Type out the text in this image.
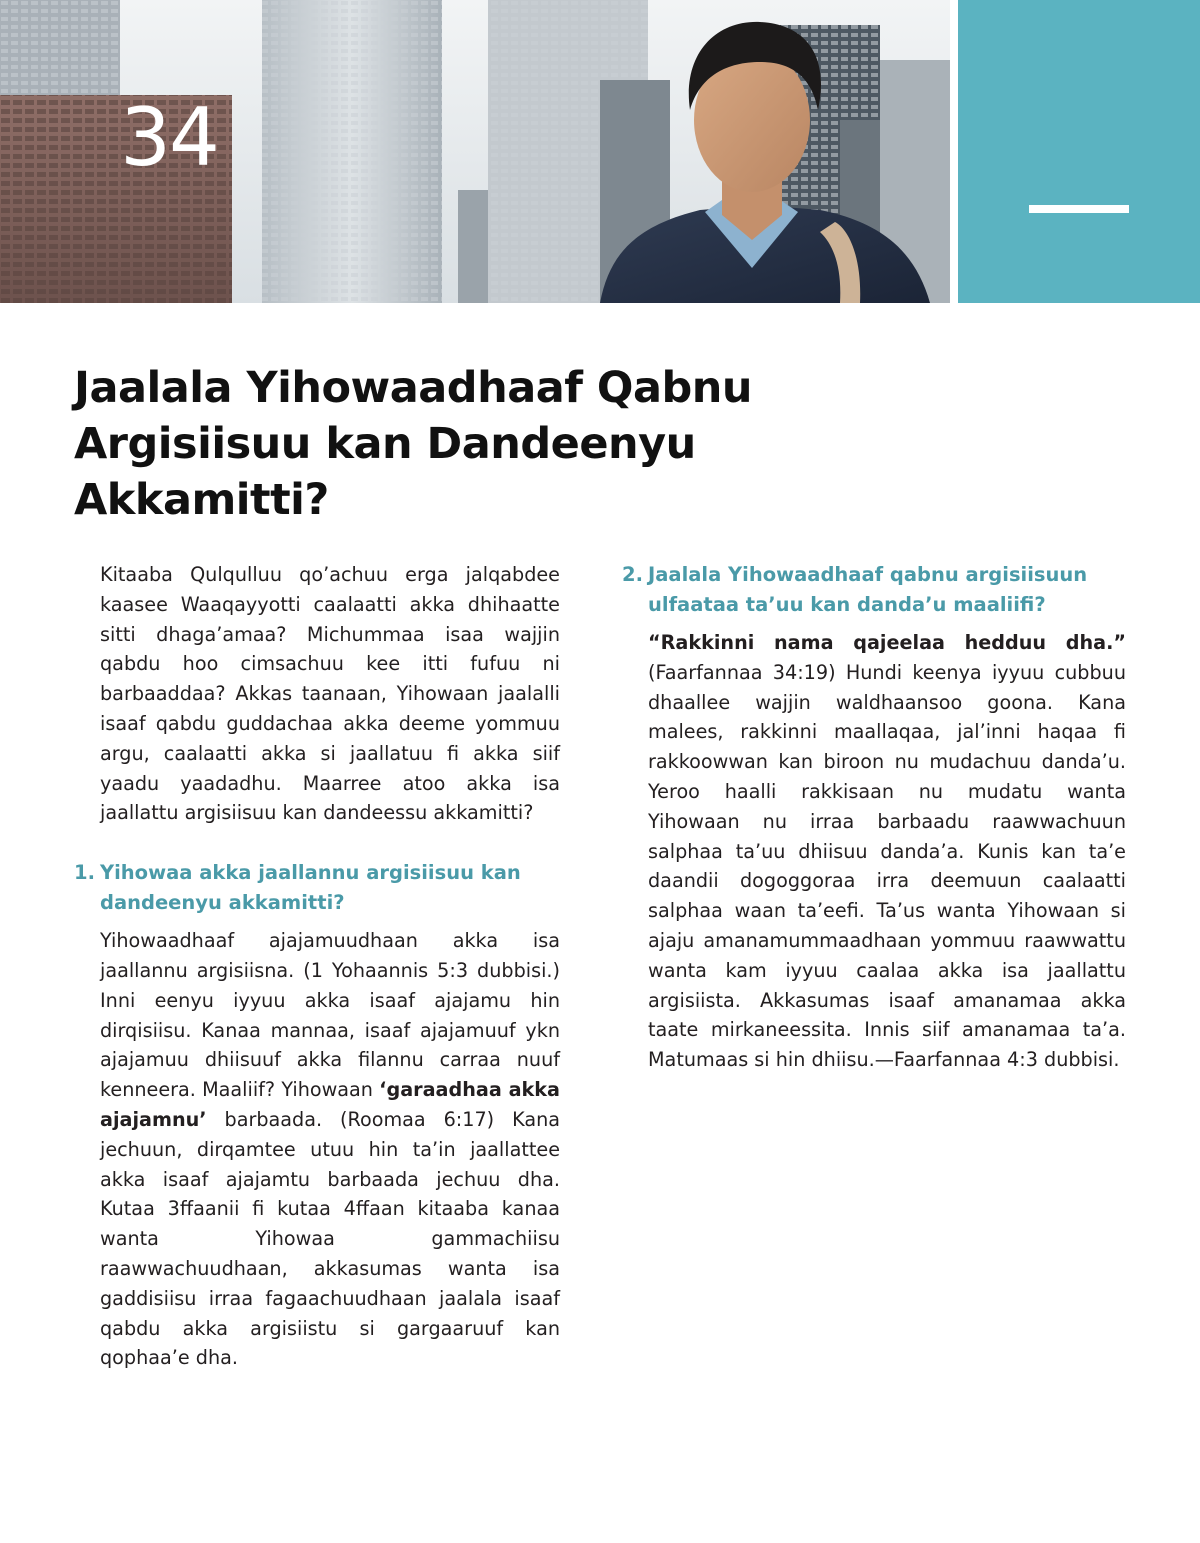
34
Jaalala Yihowaadhaaf Qabnu Argisiisuu kan Dandeenyu Akkamitti?

Kitaaba Qulqulluu qo’achuu erga jalqabdee kaasee Waaqayyotti caalaatti akka dhihaatte sitti dhaga’amaa? Michummaa isaa wajjin qabdu hoo cimsachuu kee itti fufuu ni barbaaddaa? Akkas taanaan, Yihowaan jaalalli isaaf qabdu guddachaa akka deeme yommuu argu, caalaatti akka si jaallatuu fi akka siif yaadu yaadadhu. Maarree atoo akka isa jaallattu argisiisuu kan dandeessu akkamitti?

1. Yihowaa akka jaallannu argisiisuu kan dandeenyu akkamitti?

Yihowaadhaaf ajajamuudhaan akka isa jaallannu argisiisna. (1 Yohaannis 5:3 dubbisi.) Inni eenyu iyyuu akka isaaf ajajamu hin dirqisiisu. Kanaa mannaa, isaaf ajajamuuf ykn ajajamuu dhiisuuf akka filannu carraa nuuf kenneera. Maaliif? Yihowaan ‘garaadhaa akka ajajamnu’ barbaada. (Roomaa 6:17) Kana jechuun, dirqamtee utuu hin ta’in jaallattee akka isaaf ajajamtu barbaada jechuu dha. Kutaa 3ffaanii fi kutaa 4ffaan kitaaba kanaa wanta Yihowaa gammachiisu raawwachuudhaan, akkasumas wanta isa gaddisiisu irraa fagaachuudhaan jaalala isaaf qabdu akka argisiistu si gargaaruuf kan qophaa’e dha.

2. Jaalala Yihowaadhaaf qabnu argisiisuun ulfaataa ta’uu kan danda’u maaliifi?

“Rakkinni nama qajeelaa hedduu dha.” (Faarfannaa 34:19) Hundi keenya iyyuu cubbuu dhaallee wajjin waldhaansoo goona. Kana malees, rakkinni maallaqaa, jal’inni haqaa fi rakkoowwan kan biroon nu mudachuu danda’u. Yeroo haalli rakkisaan nu mudatu wanta Yihowaan nu irraa barbaadu raawwachuun salphaa ta’uu dhiisuu danda’a. Kunis kan ta’e daandii dogoggoraa irra deemuun caalaatti salphaa waan ta’eefi. Ta’us wanta Yihowaan si ajaju amanamummaadhaan yommuu raawwattu wanta kam iyyuu caalaa akka isa jaallattu argisiista. Akkasumas isaaf amanamaa akka taate mirkaneessita. Innis siif amanamaa ta’a. Matumaas si hin dhiisu.—Faarfannaa 4:3 dubbisi.
